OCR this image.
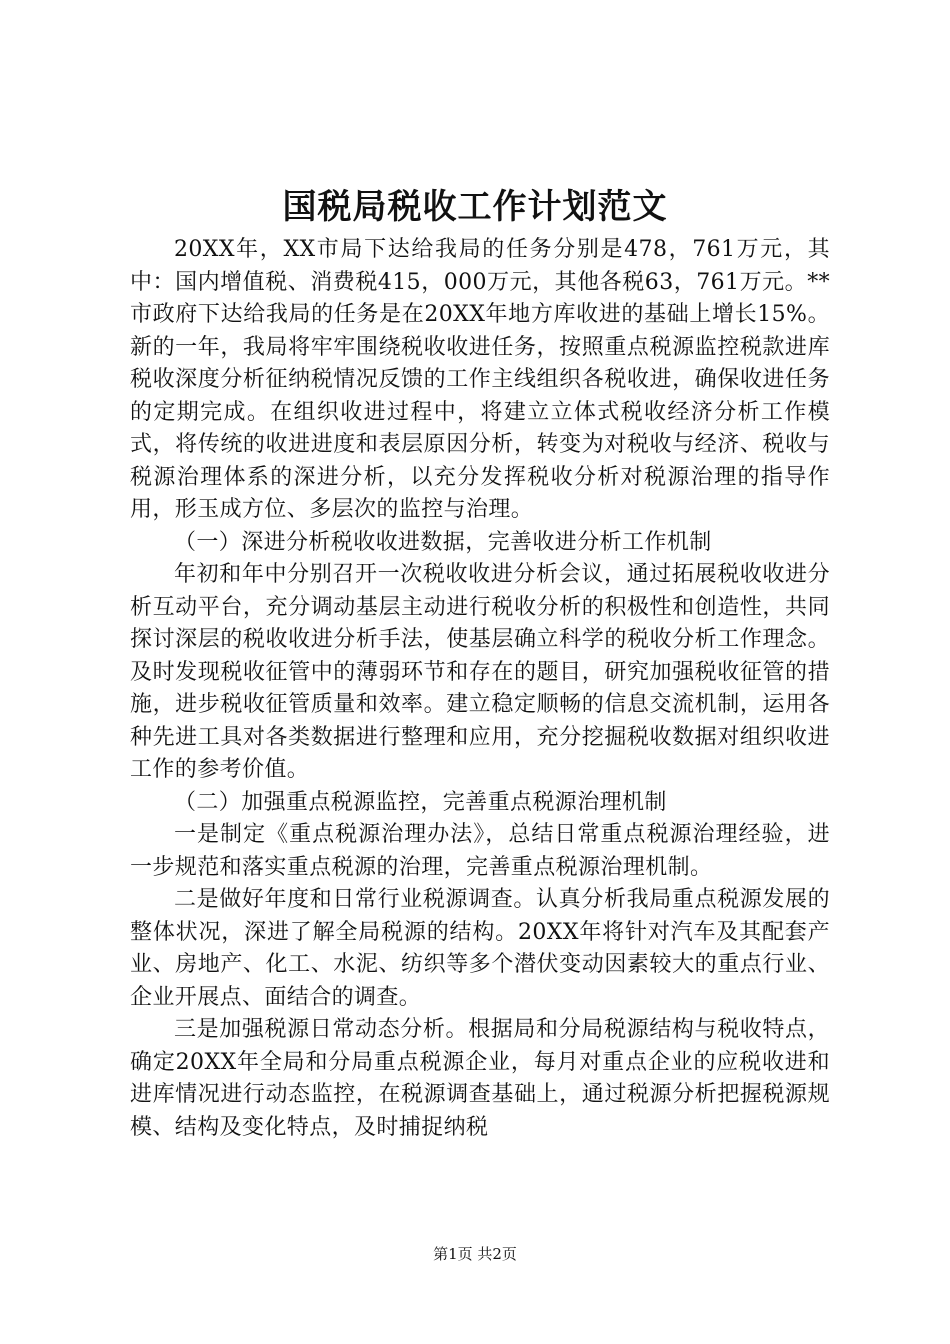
国税局税收工作计划范文

20XX年，XX市局下达给我局的任务分别是478，761万元，其中：国内增值税、消费税415，000万元，其他各税63，761万元。**市政府下达给我局的任务是在20XX年地方库收进的基础上增长15%。新的一年，我局将牢牢围绕税收收进任务，按照重点税源监控税款进库税收深度分析征纳税情况反馈的工作主线组织各税收进，确保收进任务的定期完成。在组织收进过程中，将建立立体式税收经济分析工作模式，将传统的收进进度和表层原因分析，转变为对税收与经济、税收与税源治理体系的深进分析，以充分发挥税收分析对税源治理的指导作用，形玉成方位、多层次的监控与治理。

（一）深进分析税收收进数据，完善收进分析工作机制

年初和年中分别召开一次税收收进分析会议，通过拓展税收收进分析互动平台，充分调动基层主动进行税收分析的积极性和创造性，共同探讨深层的税收收进分析手法，使基层确立科学的税收分析工作理念。及时发现税收征管中的薄弱环节和存在的题目，研究加强税收征管的措施，进步税收征管质量和效率。建立稳定顺畅的信息交流机制，运用各种先进工具对各类数据进行整理和应用，充分挖掘税收数据对组织收进工作的参考价值。

（二）加强重点税源监控，完善重点税源治理机制

一是制定《重点税源治理办法》，总结日常重点税源治理经验，进一步规范和落实重点税源的治理，完善重点税源治理机制。

二是做好年度和日常行业税源调查。认真分析我局重点税源发展的整体状况，深进了解全局税源的结构。20XX年将针对汽车及其配套产业、房地产、化工、水泥、纺织等多个潜伏变动因素较大的重点行业、企业开展点、面结合的调查。

三是加强税源日常动态分析。根据局和分局税源结构与税收特点，确定20XX年全局和分局重点税源企业，每月对重点企业的应税收进和进库情况进行动态监控，在税源调查基础上，通过税源分析把握税源规模、结构及变化特点，及时捕捉纳税

第1页 共2页
